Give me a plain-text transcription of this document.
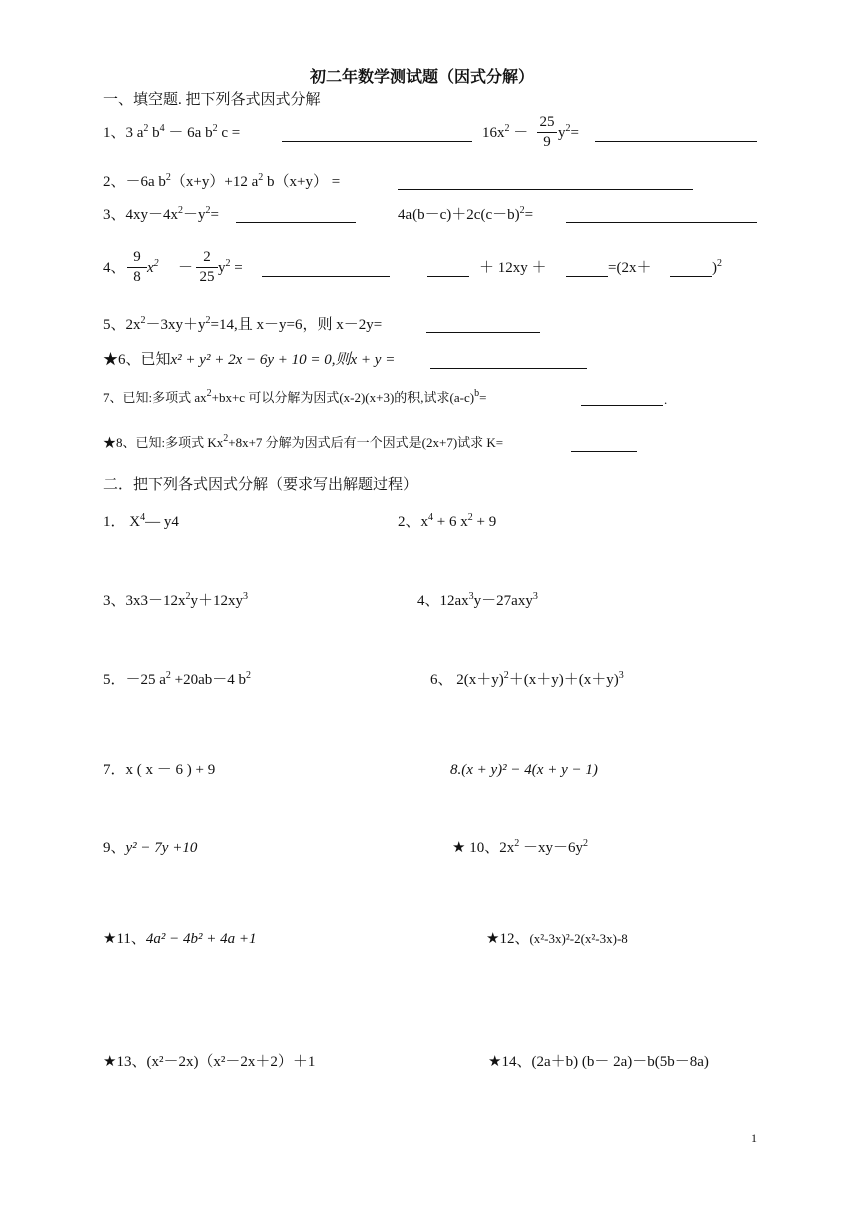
初二年数学测试题（因式分解）
一、填空题. 把下列各式因式分解
1、3 $a^2$ $b^4 - 6a$ $b^2$ c =	$16x^2$ －
25
9
$y^2=$
2、－6a $b^2(x+y)+12$ $a^2$ b（x+y） =
3、$4xy-4x^2-y^2=$	$4a(b-c)+2c(c-b)^2=$
4、
9
8
$x^2$ －
2
25
$y^2$ =	＋ 12xy ＋	=(2x＋	)$^2$
5、$2x^2-3xy+y^2=14$,且 x－y=6，则 x－2y=
★6、已知x² + y² + 2x − 6y + 10 = 0,则x + y =
7、已知:多项式 $ax^2+bx+c$ 可以分解为因式(x-2)(x+3)的积,试求$(a-c)^b=$	.
★8、已知:多项式 $Kx^2+8x+7$ 分解为因式后有一个因式是(2x+7)试求 K=
二．把下列各式因式分解（要求写出解题过程）
1． $X^4—$ y4	2、$x^4 + 6$ $x^2 + 9$
3、$3x3-12x^2y+12xy^3$	4、$12ax^3y-27axy^3$
5．－25 $a^2 +20ab-4$ $b^2$	6、 $2(x+y)^2+(x+y)+(x+y)^3$
7．x ( x － 6 ) + 9	8.(x + y)² − 4(x + y − 1)
9、y² − 7y +10	★ 10、$2x^2 -xy-6y^2$
★11、4a² − 4b² + 4a +1	★12、(x²-3x)²-2(x²-3x)-8
★13、(x²－2x)（x²－2x＋2）＋1	★14、(2a＋b) (b－ 2a)－b(5b－8a)
1
